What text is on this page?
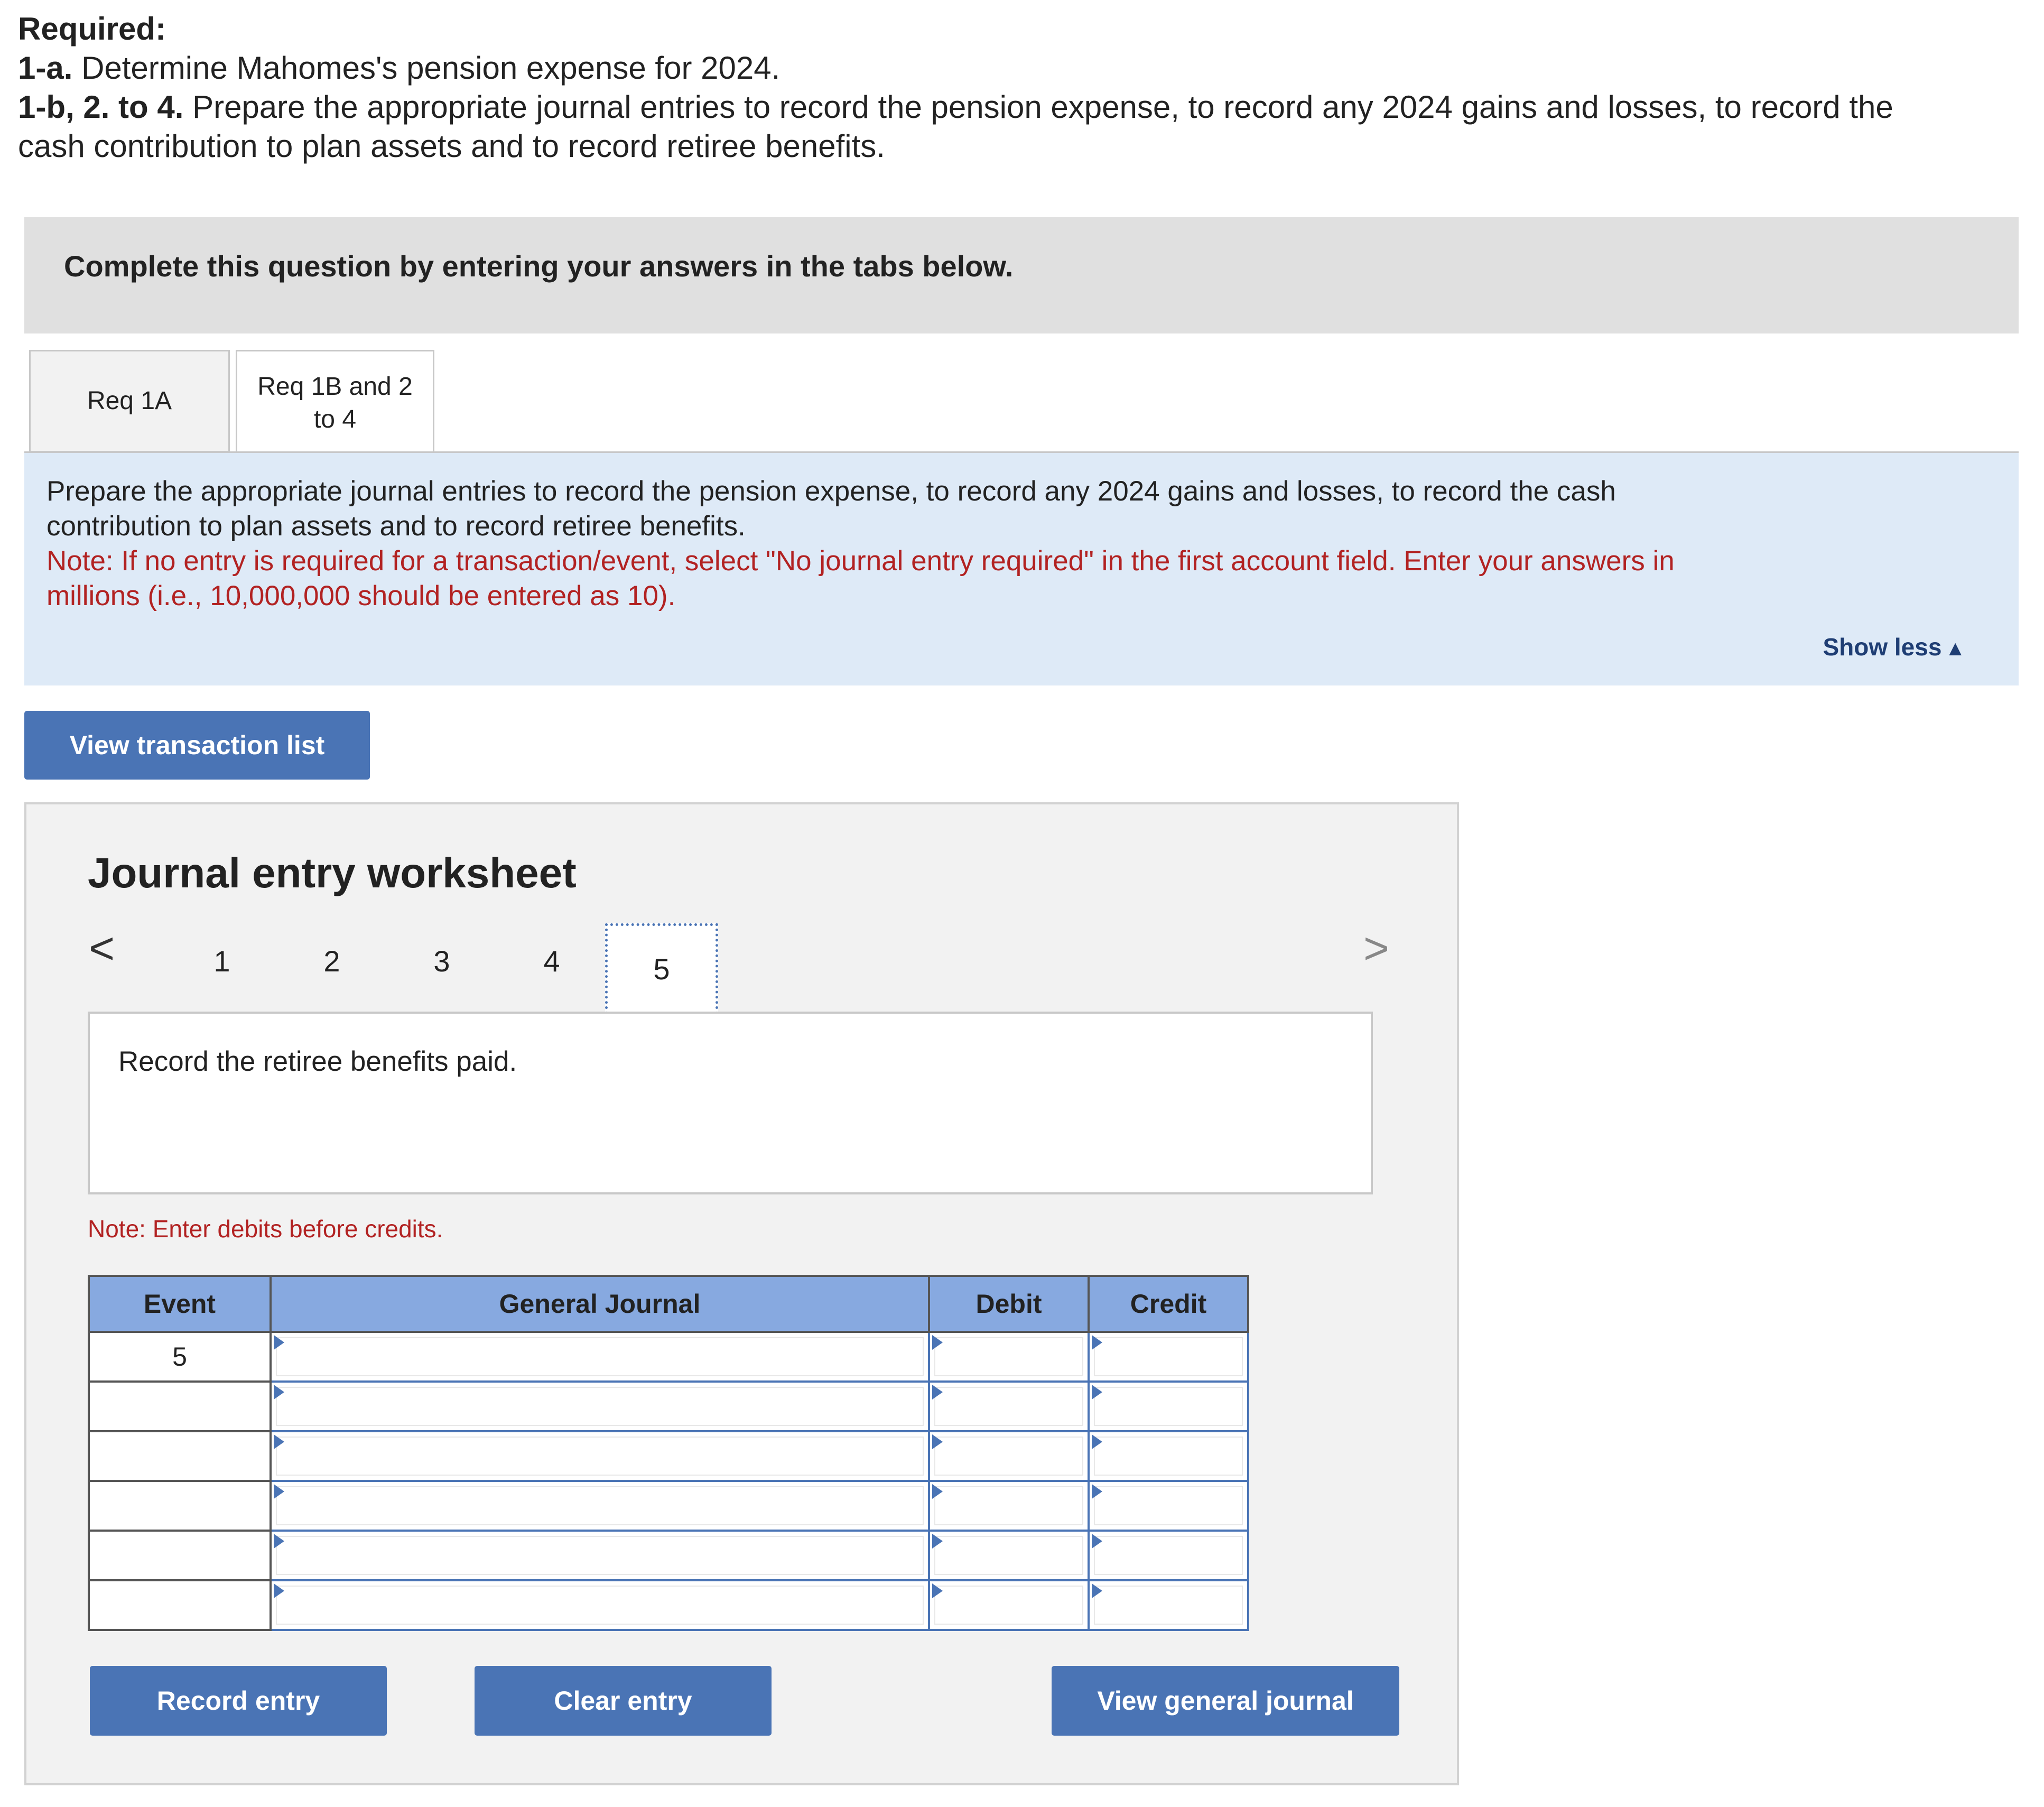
Required:
1-a. Determine Mahomes's pension expense for 2024.
1-b, 2. to 4. Prepare the appropriate journal entries to record the pension expense, to record any 2024 gains and losses, to record the
cash contribution to plan assets and to record retiree benefits.
Complete this question by entering your answers in the tabs below.
Req 1A
Req 1B and 2
to 4
Prepare the appropriate journal entries to record the pension expense, to record any 2024 gains and losses, to record the cash
contribution to plan assets and to record retiree benefits.
Note: If no entry is required for a transaction/event, select "No journal entry required" in the first account field. Enter your answers in
millions (i.e., 10,000,000 should be entered as 10).
Show less ▲
View transaction list
Journal entry worksheet
<	1	2	3	4	5	>
Record the retiree benefits paid.
Note: Enter debits before credits.
Event	General Journal	Debit	Credit
5	

Record entry	Clear entry	View general journal
